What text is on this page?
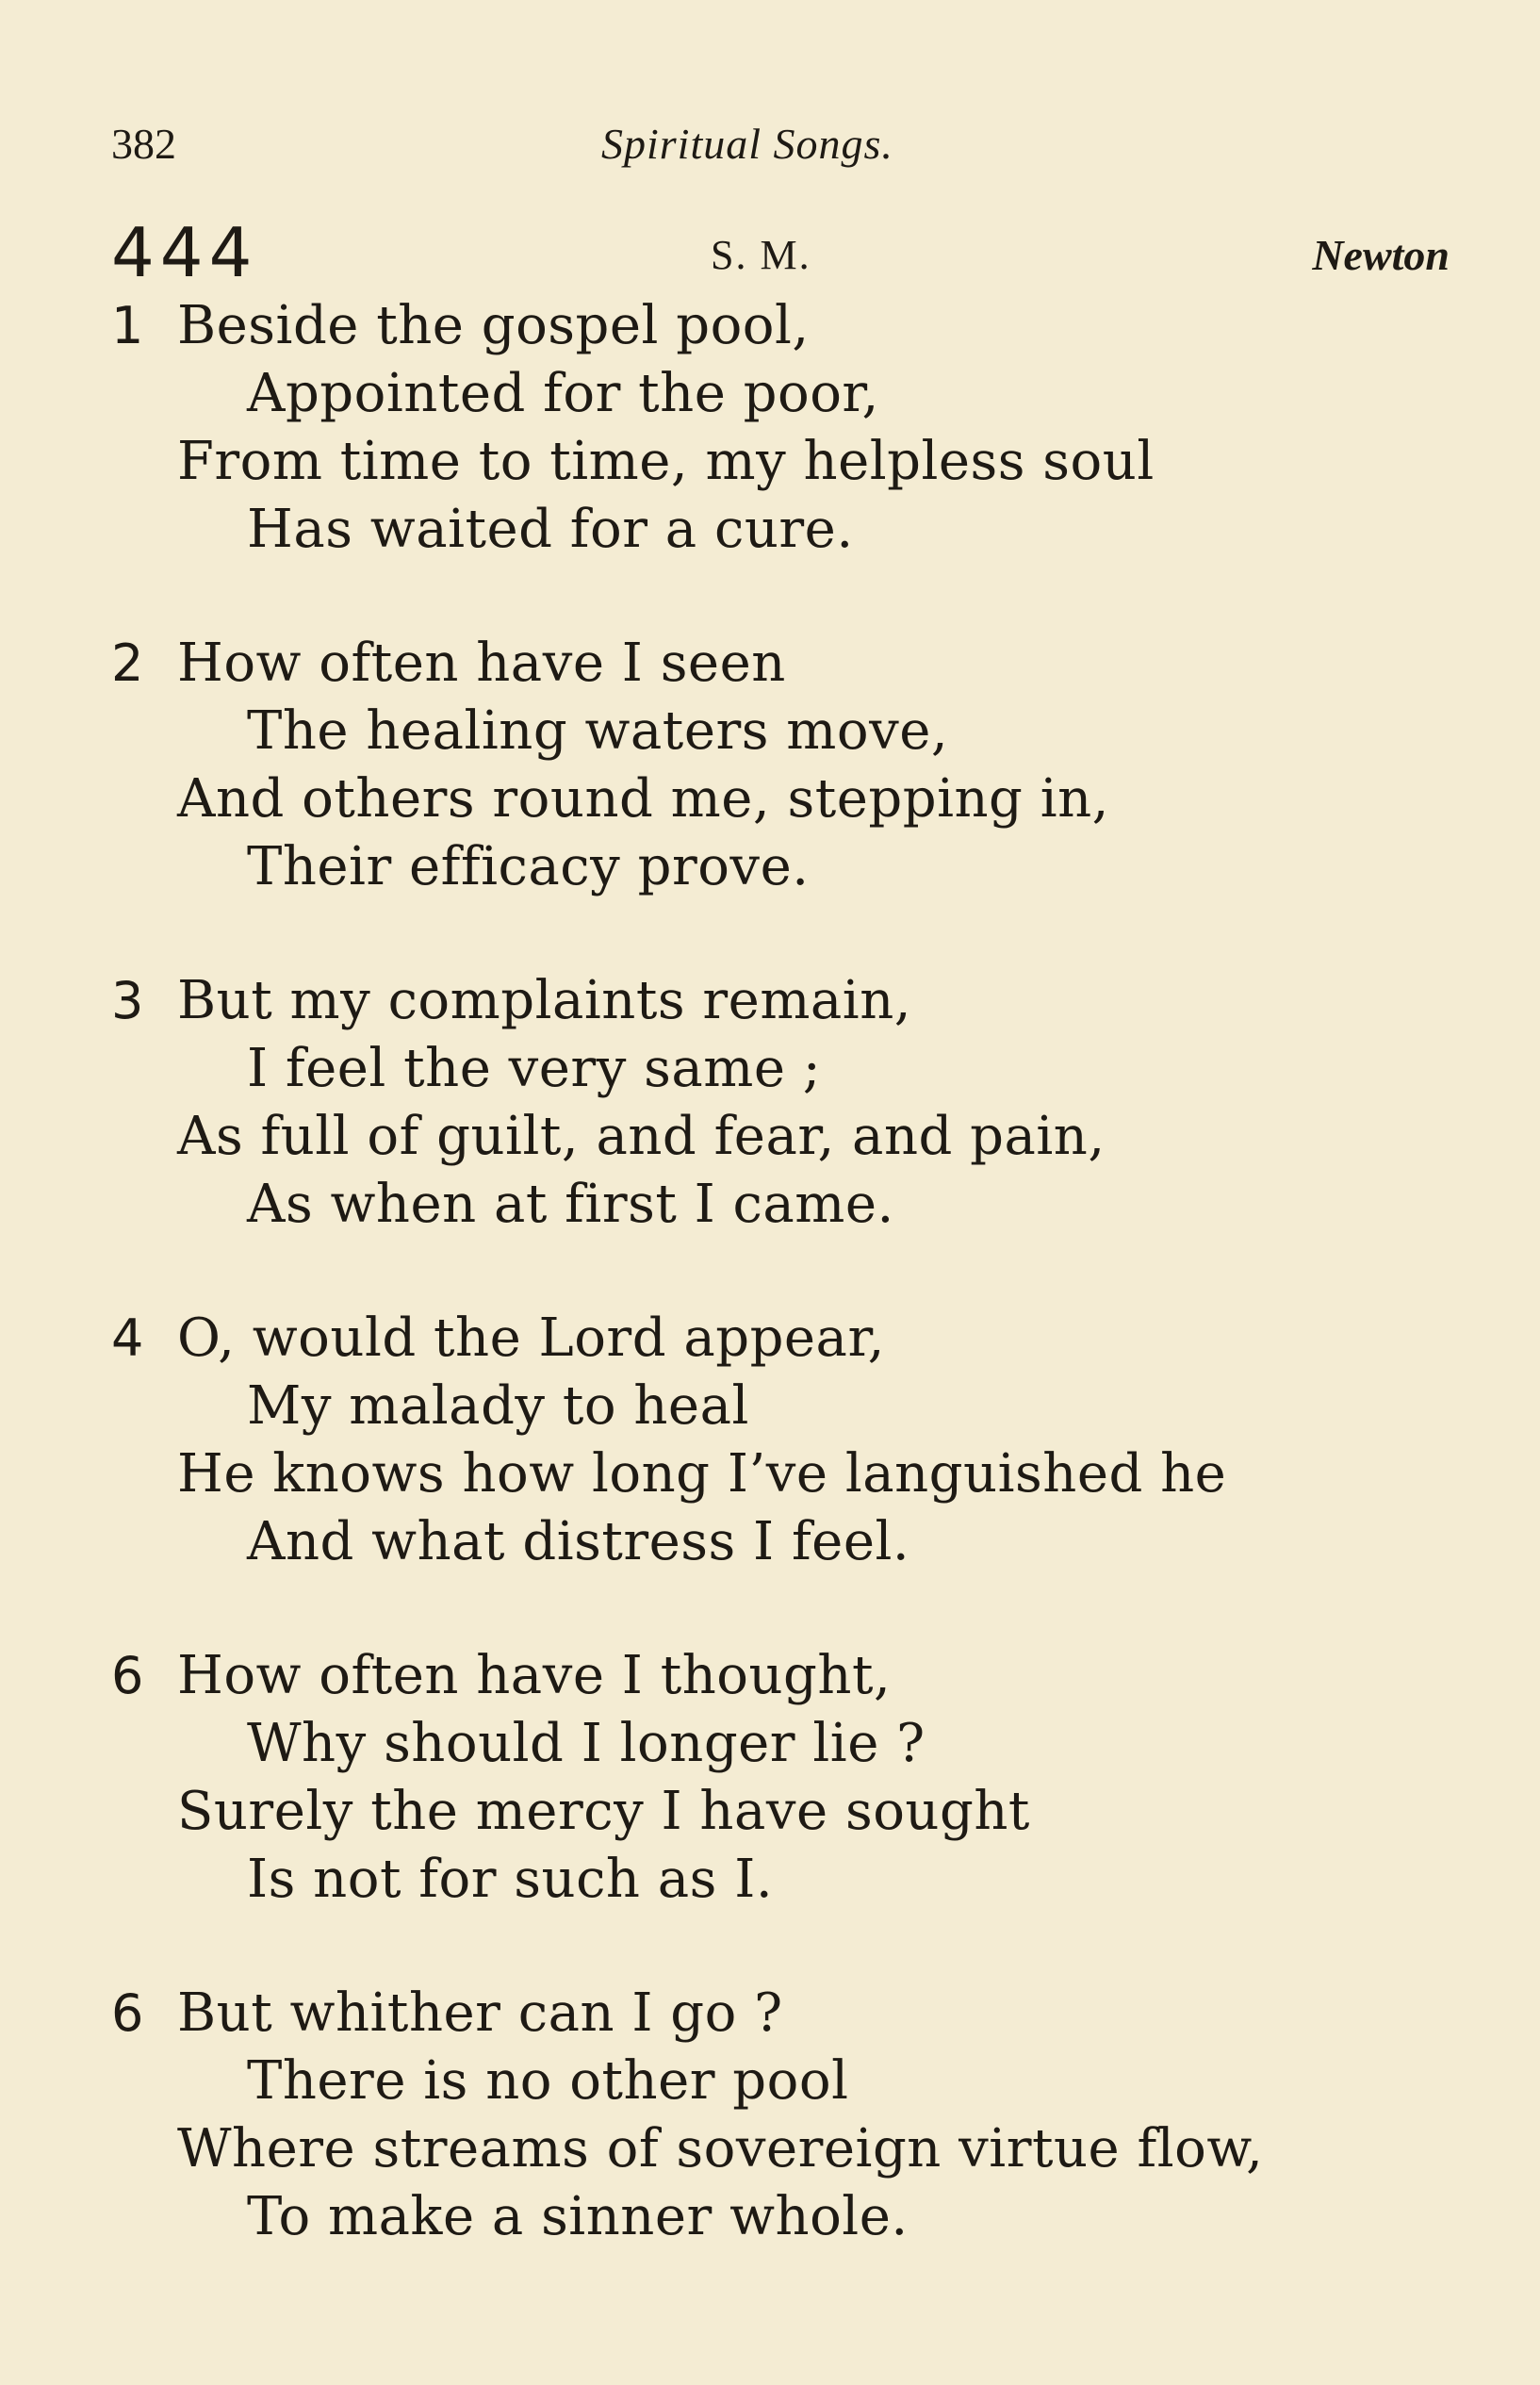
382	Spiritual Songs.
444	S. M.	Newton
1 Beside the gospel pool,
Appointed for the poor,
From time to time, my helpless soul
Has waited for a cure.
2 How often have I seen
The healing waters move,
And others round me, stepping in,
Their efficacy prove.
3 But my complaints remain,
I feel the very same ;
As full of guilt, and fear, and pain,
As when at first I came.
4 O, would the Lord appear,
My malady to heal
He knows how long I’ve languished he
And what distress I feel.
6 How often have I thought,
Why should I longer lie ?
Surely the mercy I have sought
Is not for such as I.
6 But whither can I go ?
There is no other pool
Where streams of sovereign virtue flow,
To make a sinner whole.
